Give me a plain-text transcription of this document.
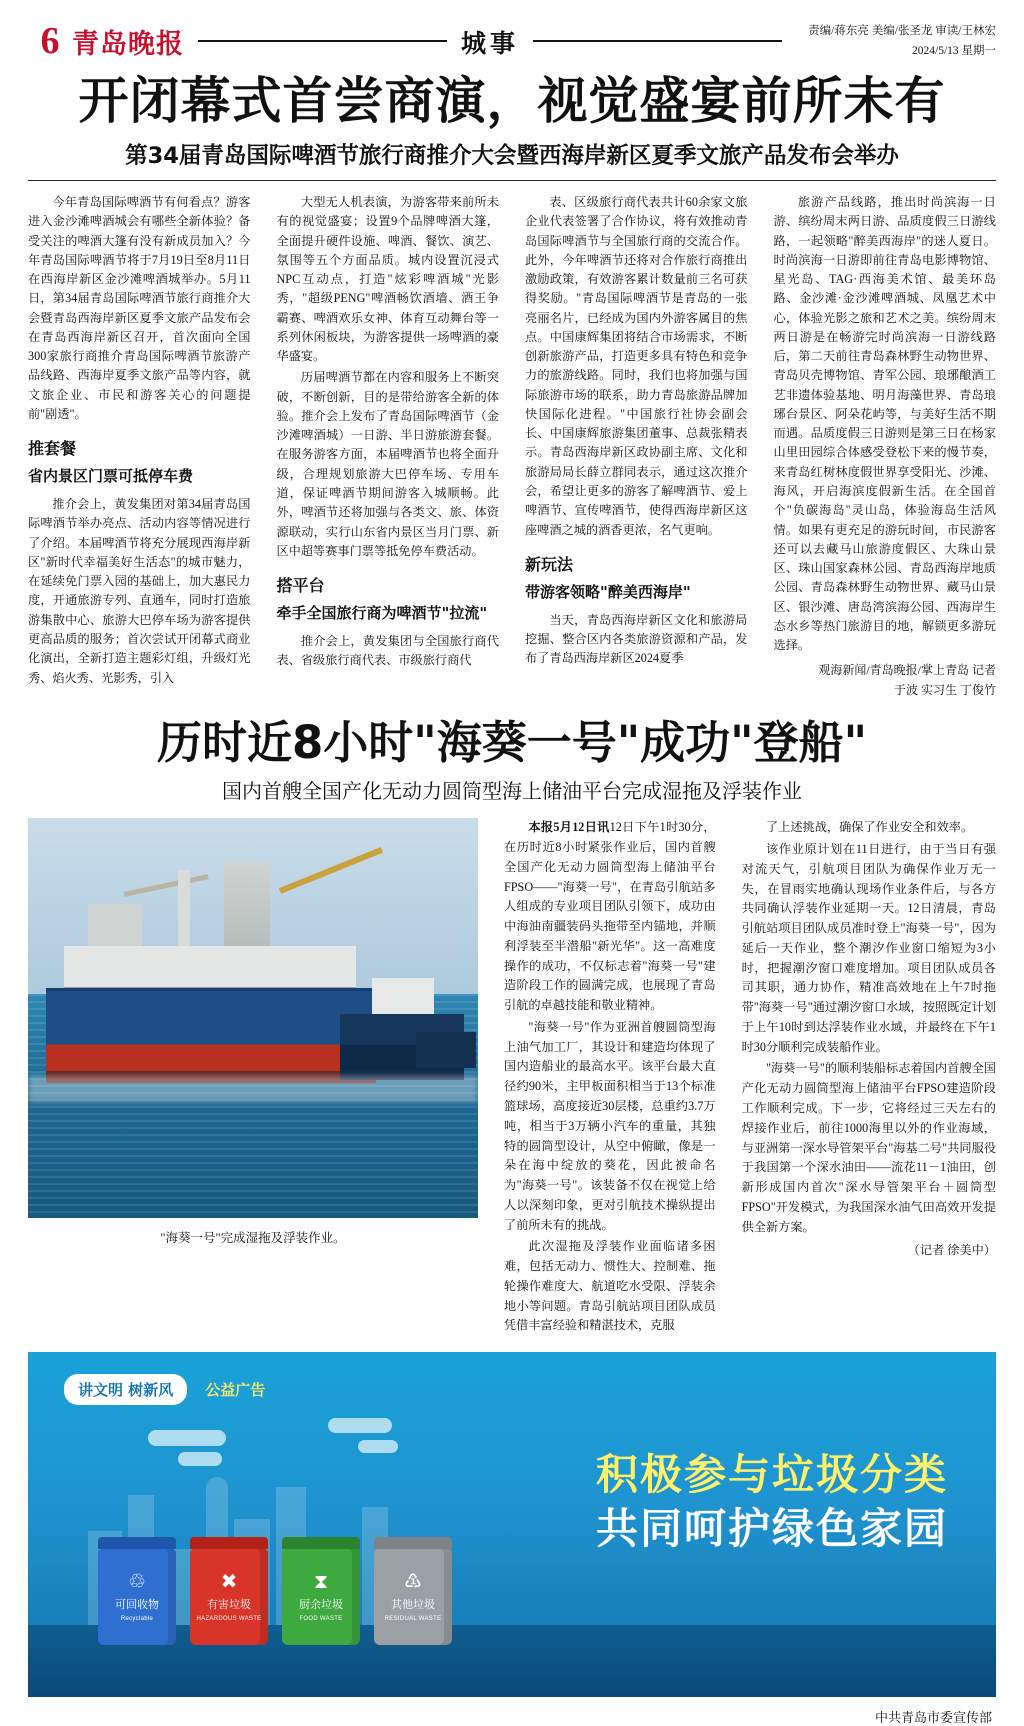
6 青岛晚报	城事	责编/蒋东亮 美编/张圣龙 审读/王林宏
2024/5/13 星期一
开闭幕式首尝商演，视觉盛宴前所未有
第34届青岛国际啤酒节旅行商推介大会暨西海岸新区夏季文旅产品发布会举办

今年青岛国际啤酒节有何看点？游客进入金沙滩啤酒城会有哪些全新体验？备受关注的啤酒大篷有没有新成员加入？今年青岛国际啤酒节将于7月19日至8月11日在西海岸新区金沙滩啤酒城举办。5月11日，第34届青岛国际啤酒节旅行商推介大会暨青岛西海岸新区夏季文旅产品发布会在青岛西海岸新区召开，首次面向全国300家旅行商推介青岛国际啤酒节旅游产品线路、西海岸夏季文旅产品等内容，就文旅企业、市民和游客关心的问题提前"剧透"。

推套餐
省内景区门票可抵停车费

推介会上，黄发集团对第34届青岛国际啤酒节举办亮点、活动内容等情况进行了介绍。本届啤酒节将充分展现西海岸新区"新时代幸福美好生活态"的城市魅力，在延续免门票入园的基础上，加大惠民力度，开通旅游专列、直通车，同时打造旅游集散中心、旅游大巴停车场为游客提供更高品质的服务；首次尝试开闭幕式商业化演出，全新打造主题彩灯组，升级灯光秀、焰火秀、光影秀，引入

大型无人机表演，为游客带来前所未有的视觉盛宴；设置9个品牌啤酒大篷，全面提升硬件设施、啤酒、餐饮、演艺、氛围等五个方面品质。城内设置沉浸式NPC互动点，打造"炫彩啤酒城"光影秀，"超级PENG"啤酒畅饮酒墙、酒王争霸赛、啤酒欢乐女神、体育互动舞台等一系列休闲板块，为游客提供一场啤酒的豪华盛宴。

历届啤酒节都在内容和服务上不断突破，不断创新，目的是带给游客全新的体验。推介会上发布了青岛国际啤酒节（金沙滩啤酒城）一日游、半日游旅游套餐。在服务游客方面，本届啤酒节也将全面升级，合理规划旅游大巴停车场、专用车道，保证啤酒节期间游客入城顺畅。此外，啤酒节还将加强与各类文、旅、体资源联动，实行山东省内景区当月门票、新区中超等赛事门票等抵免停车费活动。

搭平台
牵手全国旅行商为啤酒节"拉流"

推介会上，黄发集团与全国旅行商代表、省级旅行商代表、市级旅行商代

表、区级旅行商代表共计60余家文旅企业代表签署了合作协议，将有效推动青岛国际啤酒节与全国旅行商的交流合作。此外，今年啤酒节还将对合作旅行商推出激励政策，有效游客累计数量前三名可获得奖励。"青岛国际啤酒节是青岛的一张亮丽名片，已经成为国内外游客属目的焦点。中国康辉集团将结合市场需求，不断创新旅游产品，打造更多具有特色和竞争力的旅游线路。同时，我们也将加强与国际旅游市场的联系，助力青岛旅游品牌加快国际化进程。"中国旅行社协会副会长、中国康辉旅游集团董事、总裁张精表示。青岛西海岸新区政协副主席、文化和旅游局局长薛立群同表示，通过这次推介会，希望让更多的游客了解啤酒节、爱上啤酒节、宣传啤酒节，使得西海岸新区这座啤酒之城的酒香更浓，名气更响。

新玩法
带游客领略"醉美西海岸"

当天，青岛西海岸新区文化和旅游局挖掘、整合区内各类旅游资源和产品，发布了青岛西海岸新区2024夏季

旅游产品线路，推出时尚滨海一日游、缤纷周末两日游、品质度假三日游线路，一起领略"醉美西海岸"的迷人夏日。时尚滨海一日游即前往青岛电影博物馆、星光岛、TAG·西海美术馆、最美环岛路、金沙滩·金沙滩啤酒城、凤凰艺术中心，体验光影之旅和艺术之美。缤纷周末两日游是在畅游完时尚滨海一日游线路后，第二天前往青岛森林野生动物世界、青岛贝壳博物馆、青军公园、琅琊酿酒工艺非遗体验基地、明月海藻世界、青岛琅琊台景区、阿朵花屿等，与美好生活不期而遇。品质度假三日游则是第三日在杨家山里田园综合体感受登松下来的慢节奏，来青岛红树林度假世界享受阳光、沙滩、海风，开启海滨度假新生活。在全国首个"负碳海岛"灵山岛，体验海岛生活风情。如果有更充足的游玩时间，市民游客还可以去藏马山旅游度假区、大珠山景区、珠山国家森林公园、青岛西海岸地质公园、青岛森林野生动物世界、藏马山景区、银沙滩、唐岛湾滨海公园、西海岸生态水乡等热门旅游目的地，解锁更多游玩选择。

观海新闻/青岛晚报/掌上青岛 记者
于波 实习生 丁俊竹
历时近8小时"海葵一号"成功"登船"
国内首艘全国产化无动力圆筒型海上储油平台完成湿拖及浮装作业
"海葵一号"完成湿拖及浮装作业。

本报5月12日讯12日下午1时30分，在历时近8小时紧张作业后，国内首艘全国产化无动力圆筒型海上储油平台FPSO——"海葵一号"，在青岛引航站多人组成的专业项目团队引领下，成功由中海油南疆装码头拖带至内锚地，并顺利浮装至半潜船"新光华"。这一高难度操作的成功，不仅标志着"海葵一号"建造阶段工作的圆满完成，也展现了青岛引航的卓越技能和敬业精神。

"海葵一号"作为亚洲首艘圆筒型海上油气加工厂，其设计和建造均体现了国内造船业的最高水平。该平台最大直径约90米，主甲板面积相当于13个标准篮球场，高度接近30层楼，总重约3.7万吨，相当于3万辆小汽车的重量，其独特的圆筒型设计，从空中俯瞰，像是一朵在海中绽放的葵花，因此被命名为"海葵一号"。该装备不仅在视觉上给人以深刻印象，更对引航技术操纵提出了前所未有的挑战。

此次湿拖及浮装作业面临诸多困难，包括无动力、惯性大、控制难、拖轮操作难度大、航道吃水受限、浮装余地小等问题。青岛引航站项目团队成员凭借丰富经验和精湛技术，克服

了上述挑战，确保了作业安全和效率。

该作业原计划在11日进行，由于当日有强对流天气，引航项目团队为确保作业万无一失，在冒雨实地确认现场作业条件后，与各方共同确认浮装作业延期一天。12日清晨，青岛引航站项目团队成员准时登上"海葵一号"，因为延后一天作业，整个潮汐作业窗口缩短为3小时，把握潮汐窗口难度增加。项目团队成员各司其职，通力协作，精准高效地在上午7时拖带"海葵一号"通过潮汐窗口水域，按照既定计划于上午10时到达浮装作业水域，并最终在下午1时30分顺利完成装船作业。

"海葵一号"的顺利装船标志着国内首艘全国产化无动力圆筒型海上储油平台FPSO建造阶段工作顺利完成。下一步，它将经过三天左右的焊接作业后，前往1000海里以外的作业海域，与亚洲第一深水导管架平台"海基二号"共同服役于我国第一个深水油田——流花11－1油田，创新形成国内首次"深水导管架平台＋圆筒型FPSO"开发模式，为我国深水油气田高效开发提供全新方案。

（记者 徐美中）
讲文明 树新风	公益广告
积极参与垃圾分类
共同呵护绿色家园
♲
可回收物
Recyclable
✖
有害垃圾
HAZARDOUS WASTE
⧗
厨余垃圾
FOOD WASTE
♳
其他垃圾
RESIDUAL WASTE
中共青岛市委宣传部
